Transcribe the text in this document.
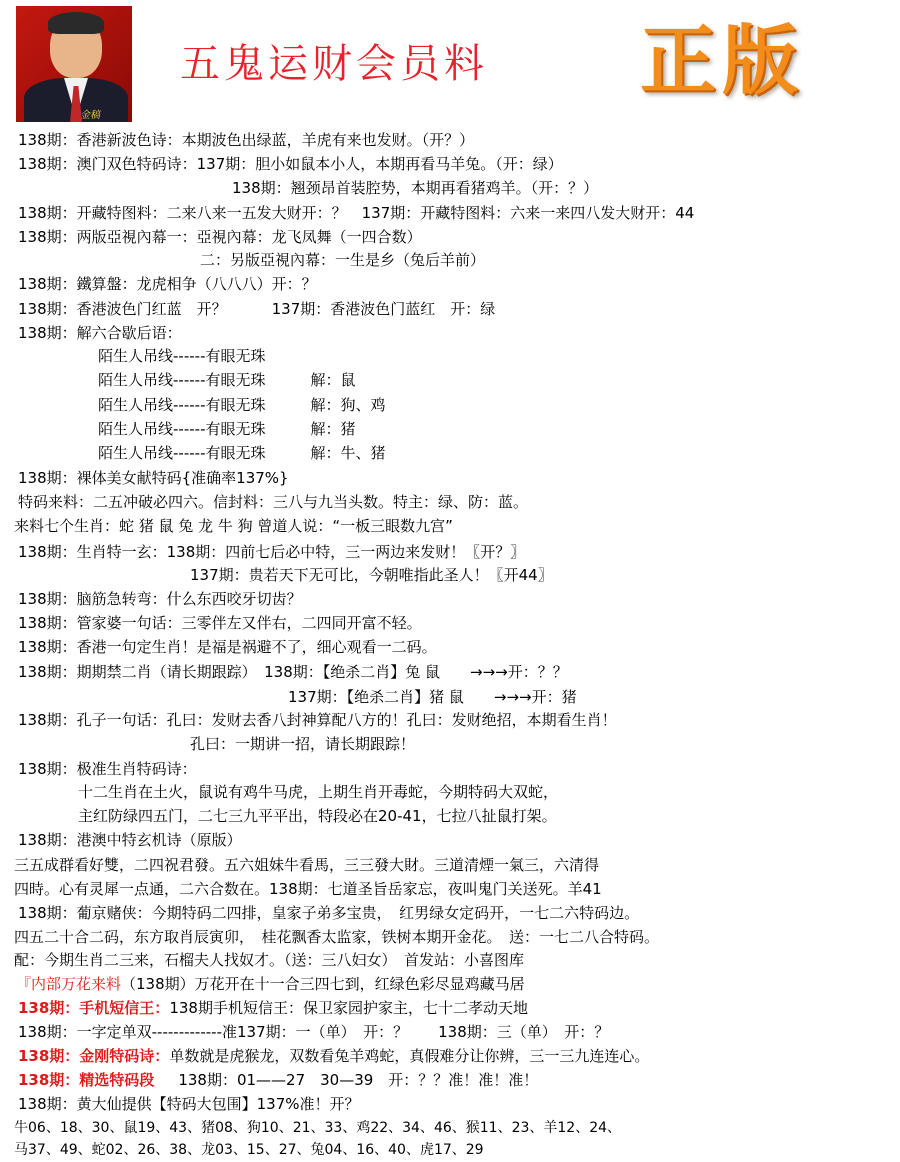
金稿
五鬼运财会员料 正版
138期：香港新波色诗：本期波色出绿蓝，羊虎有来也发财。（开？）
138期：澳门双色特码诗：137期：胆小如鼠本小人，本期再看马羊兔。（开：绿）
138期：翘颈昂首装腔势，本期再看猪鸡羊。（开：？）
138期：开藏特图料：二来八来一五发大财开：？　137期：开藏特图料：六来一来四八发大财开：44
138期：两版亞視內幕一：亞視內幕：龙飞凤舞（一四合数）
二：另版亞視內幕：一生是乡（兔后羊前）
138期：鐵算盤：龙虎相争（八八八）开：？
138期：香港波色门红蓝　开？　　　137期：香港波色门蓝红　开：绿
138期：解六合歇后语：
陌生人吊线------有眼无珠
陌生人吊线------有眼无珠　　　解：鼠
陌生人吊线------有眼无珠　　　解：狗、鸡
陌生人吊线------有眼无珠　　　解：猪
陌生人吊线------有眼无珠　　　解：牛、猪
138期：裸体美女献特码{准确率137%}
特码来料：二五冲破必四六。信封料：三八与九当头数。特主：绿、防：蓝。
来料七个生肖：蛇 猪 鼠 兔 龙 牛 狗 曾道人说：“一板三眼数九宫”
138期：生肖特一玄：138期：四前七后必中特，三一两边来发财！〖开？〗
137期：贵若天下无可比，今朝唯指此圣人！〖开44〗
138期：脑筋急转弯：什么东西咬牙切齿？
138期：管家婆一句话：三零伴左又伴右，二四同开富不轻。
138期：香港一句定生肖！是福是祸避不了，细心观看一二码。
138期：期期禁二肖（请长期跟踪）　138期：【绝杀二肖】兔 鼠　　→→→开：？？
137期：【绝杀二肖】猪 鼠　　→→→开：猪
138期：孔子一句话：孔曰：发财去香八封神算配八方的！孔曰：发财绝招，本期看生肖！
孔曰：一期讲一招，请长期跟踪！
138期：极准生肖特码诗：
十二生肖在土火，鼠说有鸡牛马虎，上期生肖开毒蛇，今期特码大双蛇，
主红防绿四五门，二七三九平平出，特段必在20-41，七拉八扯鼠打架。
138期：港澳中特玄机诗（原版）
三五成群看好雙，二四祝君發。五六姐妹牛看馬，三三發大財。三道清煙一氣三，六清得
四時。心有灵犀一点通，二六合数在。138期：七道圣旨岳家忘，夜叫鬼门关送死。羊41
138期：葡京赌侠：今期特码二四排，皇家子弟多宝贵，　红男绿女定码开，一七二六特码边。
四五二十合二码，东方取肖辰寅卯，　桂花飘香太监家，铁树本期开金花。　送：一七二八合特码。
配：今期生肖二三来，石榴夫人找奴才。（送：三八妇女）　首发站：小喜图库
『内部万花来料（138期）万花开在十一合三四七到，红绿色彩尽显鸡藏马居
138期：手机短信王：138期手机短信王：保卫家园护家主，七十二孝动天地
138期：一字定单双-------------准137期：一（单）　开：？　　138期：三（单）　开：？
138期：金刚特码诗：单数就是虎猴龙，双数看兔羊鸡蛇，真假难分让你辨，三一三九连连心。
138期：精选特码段 138期：01——27　30—39　开：？？准！准！准！
138期：黄大仙提供【特码大包围】137%准！开？
牛06、18、30、鼠19、43、猪08、狗10、21、33、鸡22、34、46、猴11、23、羊12、24、
马37、49、蛇02、26、38、龙03、15、27、兔04、16、40、虎17、29
